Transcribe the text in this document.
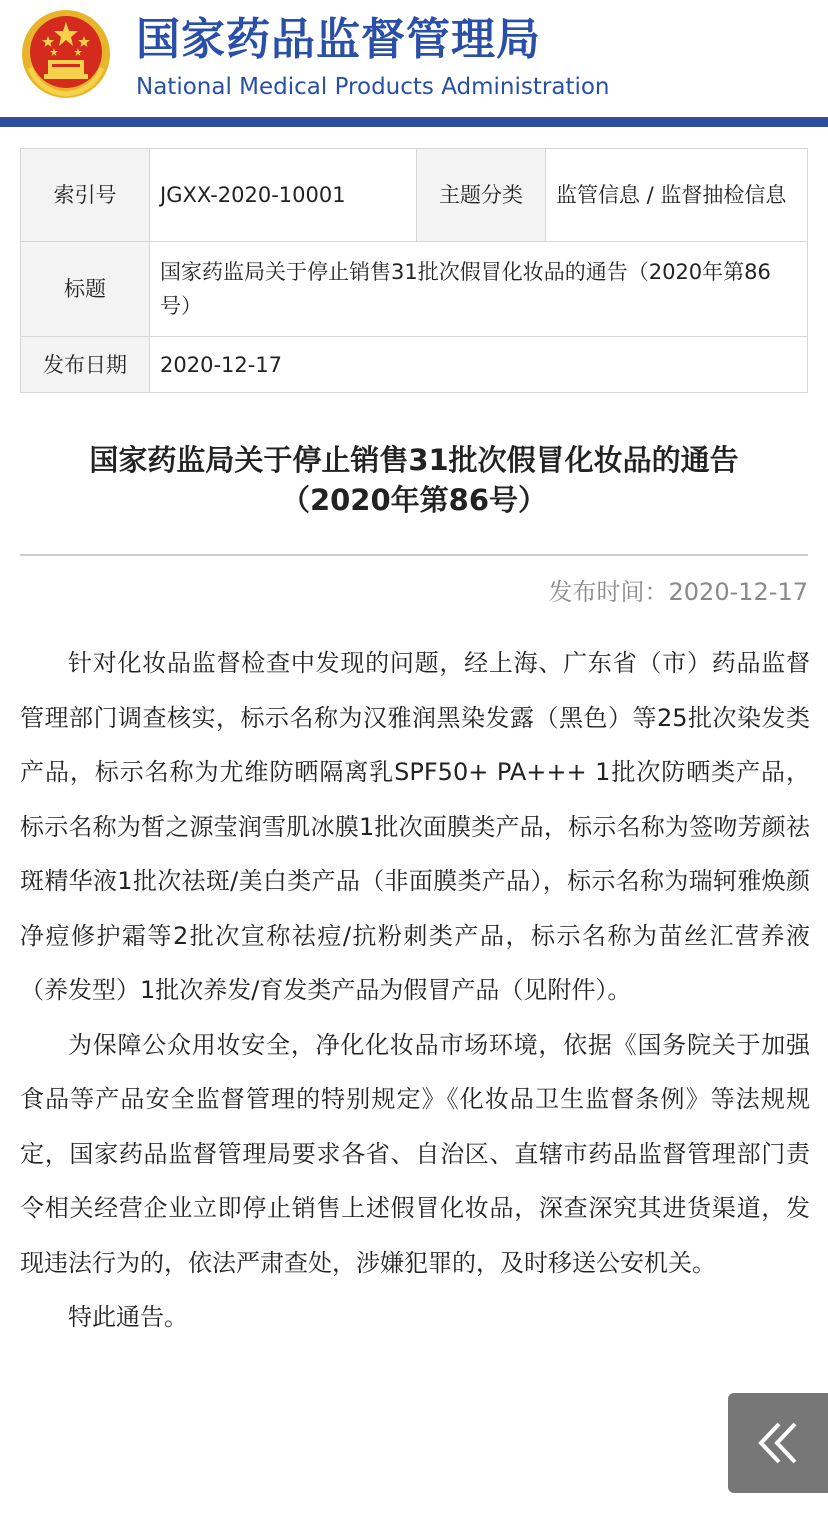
国家药品监督管理局
National Medical Products Administration
索引号	JGXX-2020-10001	主题分类	监管信息 / 监督抽检信息
标题	国家药监局关于停止销售31批次假冒化妆品的通告（2020年第86号）		
发布日期	2020-12-17		
国家药监局关于停止销售31批次假冒化妆品的通告
（2020年第86号）
发布时间：2020-12-17

针对化妆品监督检查中发现的问题，经上海、广东省（市）药品监督管理部门调查核实，标示名称为汉雅润黑染发露（黑色）等25批次染发类产品，标示名称为尤维防晒隔离乳SPF50+ PA+++ 1批次防晒类产品，标示名称为皙之源莹润雪肌冰膜1批次面膜类产品，标示名称为签吻芳颜祛斑精华液1批次祛斑/美白类产品（非面膜类产品），标示名称为瑞轲雅焕颜净痘修护霜等2批次宣称祛痘/抗粉刺类产品，标示名称为苗丝汇营养液（养发型）1批次养发/育发类产品为假冒产品（见附件）。

为保障公众用妆安全，净化化妆品市场环境，依据《国务院关于加强食品等产品安全监督管理的特别规定》《化妆品卫生监督条例》等法规规定，国家药品监督管理局要求各省、自治区、直辖市药品监督管理部门责令相关经营企业立即停止销售上述假冒化妆品，深查深究其进货渠道，发现违法行为的，依法严肃查处，涉嫌犯罪的，及时移送公安机关。

特此通告。
